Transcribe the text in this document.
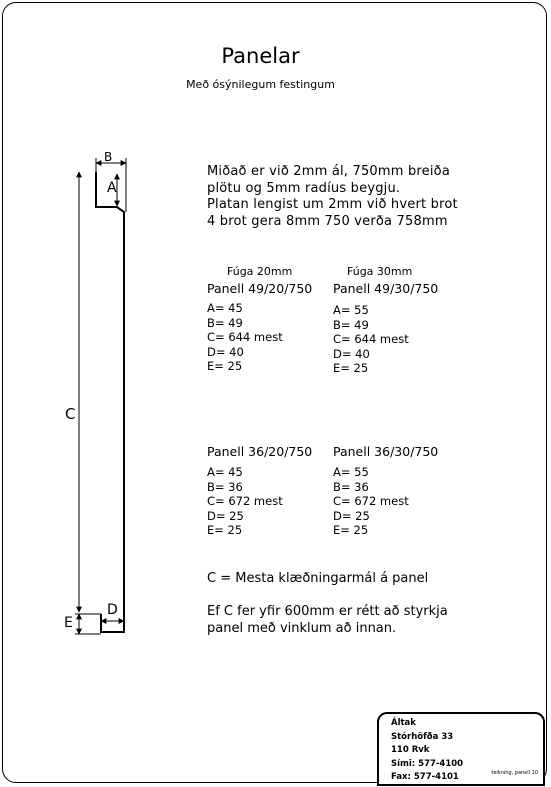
Panelar
Með ósýnilegum festingum
B
A
C
D
E
Miðað er við 2mm ál, 750mm breiða
plötu og 5mm radíus beygju.
Platan lengist um 2mm við hvert brot
4 brot gera 8mm 750 verða 758mm
Fúga 20mm	Fúga 30mm
Panell 49/20/750
A= 45
B= 49
C= 644 mest
D= 40
E= 25
Panell 49/30/750
A= 55
B= 49
C= 644 mest
D= 40
E= 25
Panell 36/20/750
A= 45
B= 36
C= 672 mest
D= 25
E= 25
Panell 36/30/750
A= 55
B= 36
C= 672 mest
D= 25
E= 25
C = Mesta klæðningarmál á panel
Ef C fer yfir 600mm er rétt að styrkja
panel með vinklum að innan.
Áltak
Stórhöfða 33
110 Rvk
Sími: 577-4100
Fax: 577-4101	teikning, panell 10
